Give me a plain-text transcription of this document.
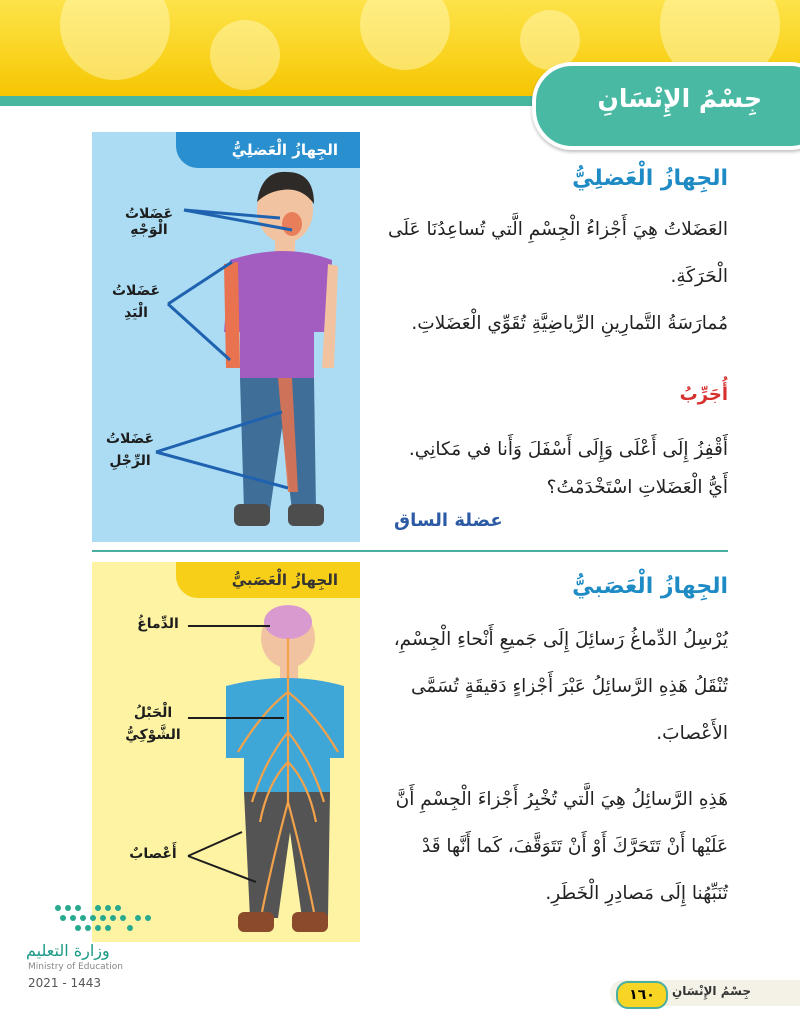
جِسْمُ الإِنْسَانِ
الجِهازُ الْعَضلِيُّ
عَضَلاتُ الْوَجْهِ
عَضَلاتُ
الْيَدِ
عَضَلاتُ
الرِّجْلِ
الجِهازُ الْعَضلِيُّ
العَضَلاتُ هِيَ أَجْزاءُ الْجِسْمِ الَّتي تُساعِدُنَا عَلَى الْحَرَكَةِ.
مُمارَسَةُ التَّمارِينِ الرِّياضِيَّةِ تُقَوِّي الْعَضَلاتِ.
أُجَرِّبُ
أَقْفِزُ إِلَى أَعْلَى وَإِلَى أَسْفَلَ وَأَنا في مَكانِي.
أَيُّ الْعَضَلاتِ اسْتَخْدَمْتُ؟
عضلة الساق
الجِهازُ الْعَصَبيُّ
الدِّماغُ
الْحَبْلُ
الشَّوْكِيُّ
أَعْصابٌ
الجِهازُ الْعَصَبيُّ
يُرْسِلُ الدِّماغُ رَسائِلَ إِلَى جَميعِ أَنْحاءِ الْجِسْمِ، تُنْقَلُ هَذِهِ الرَّسائِلُ عَبْرَ أَجْزاءٍ دَقيقَةٍ تُسَمَّى الأَعْصابَ.
هَذِهِ الرَّسائِلُ هِيَ الَّتي تُخْبِرُ أَجْزاءَ الْجِسْمِ أَنَّ عَلَيْها أَنْ تَتَحَرَّكَ أَوْ أَنْ تَتَوَقَّفَ، كَما أَنَّها قَدْ تُنَبِّهُنا إِلَى مَصادِرِ الْخَطَرِ.
وزارة التعليم
Ministry of Education
2021 - 1443
١٦٠	جِسْمُ الإِنْسَانِ
